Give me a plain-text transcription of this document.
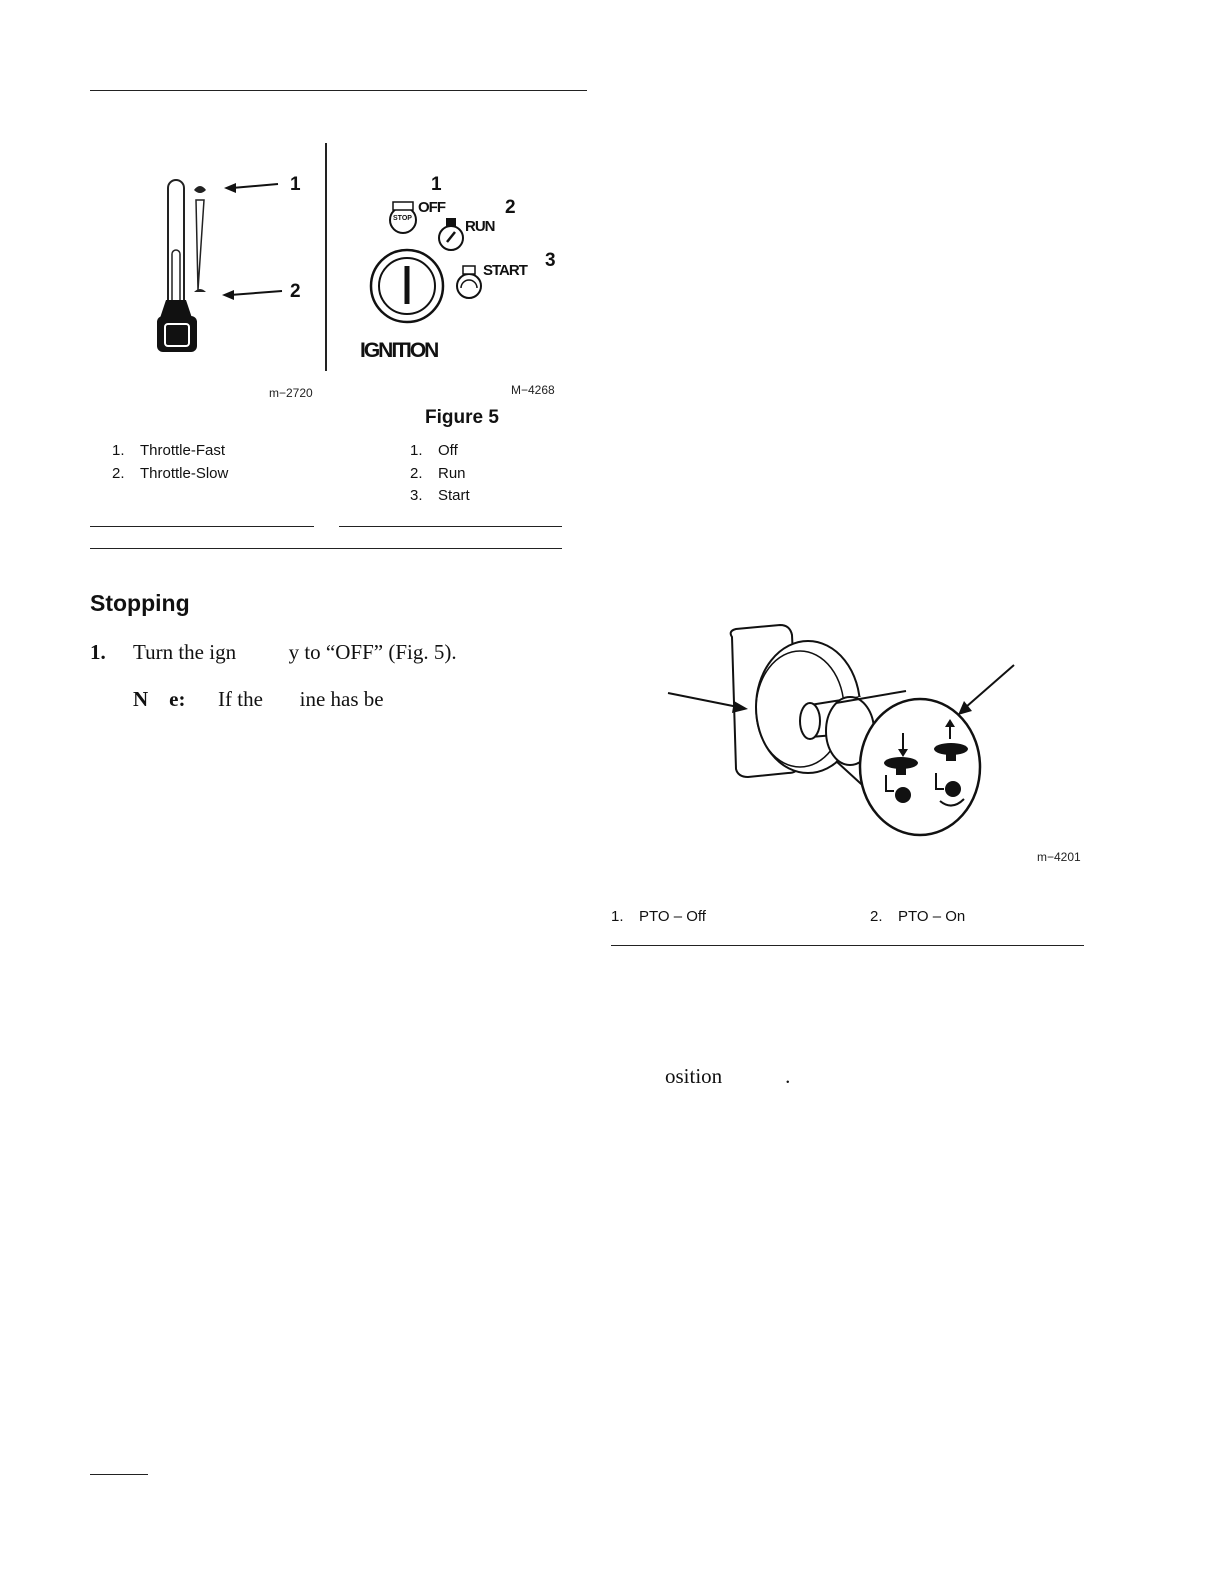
1
2
1
2
3
OFF
STOP	RUN
START
IGNITION
m−2720	M−4268
Figure 5
1. Throttle-Fast
2. Throttle-Slow
1. Off
2. Run
3. Start
Stopping
1. Turn the ign          y to “OFF” (Fig. 5).
N    e: If the       ine has be
m−4201
1. PTO – Off	2. PTO – On
osition            .
